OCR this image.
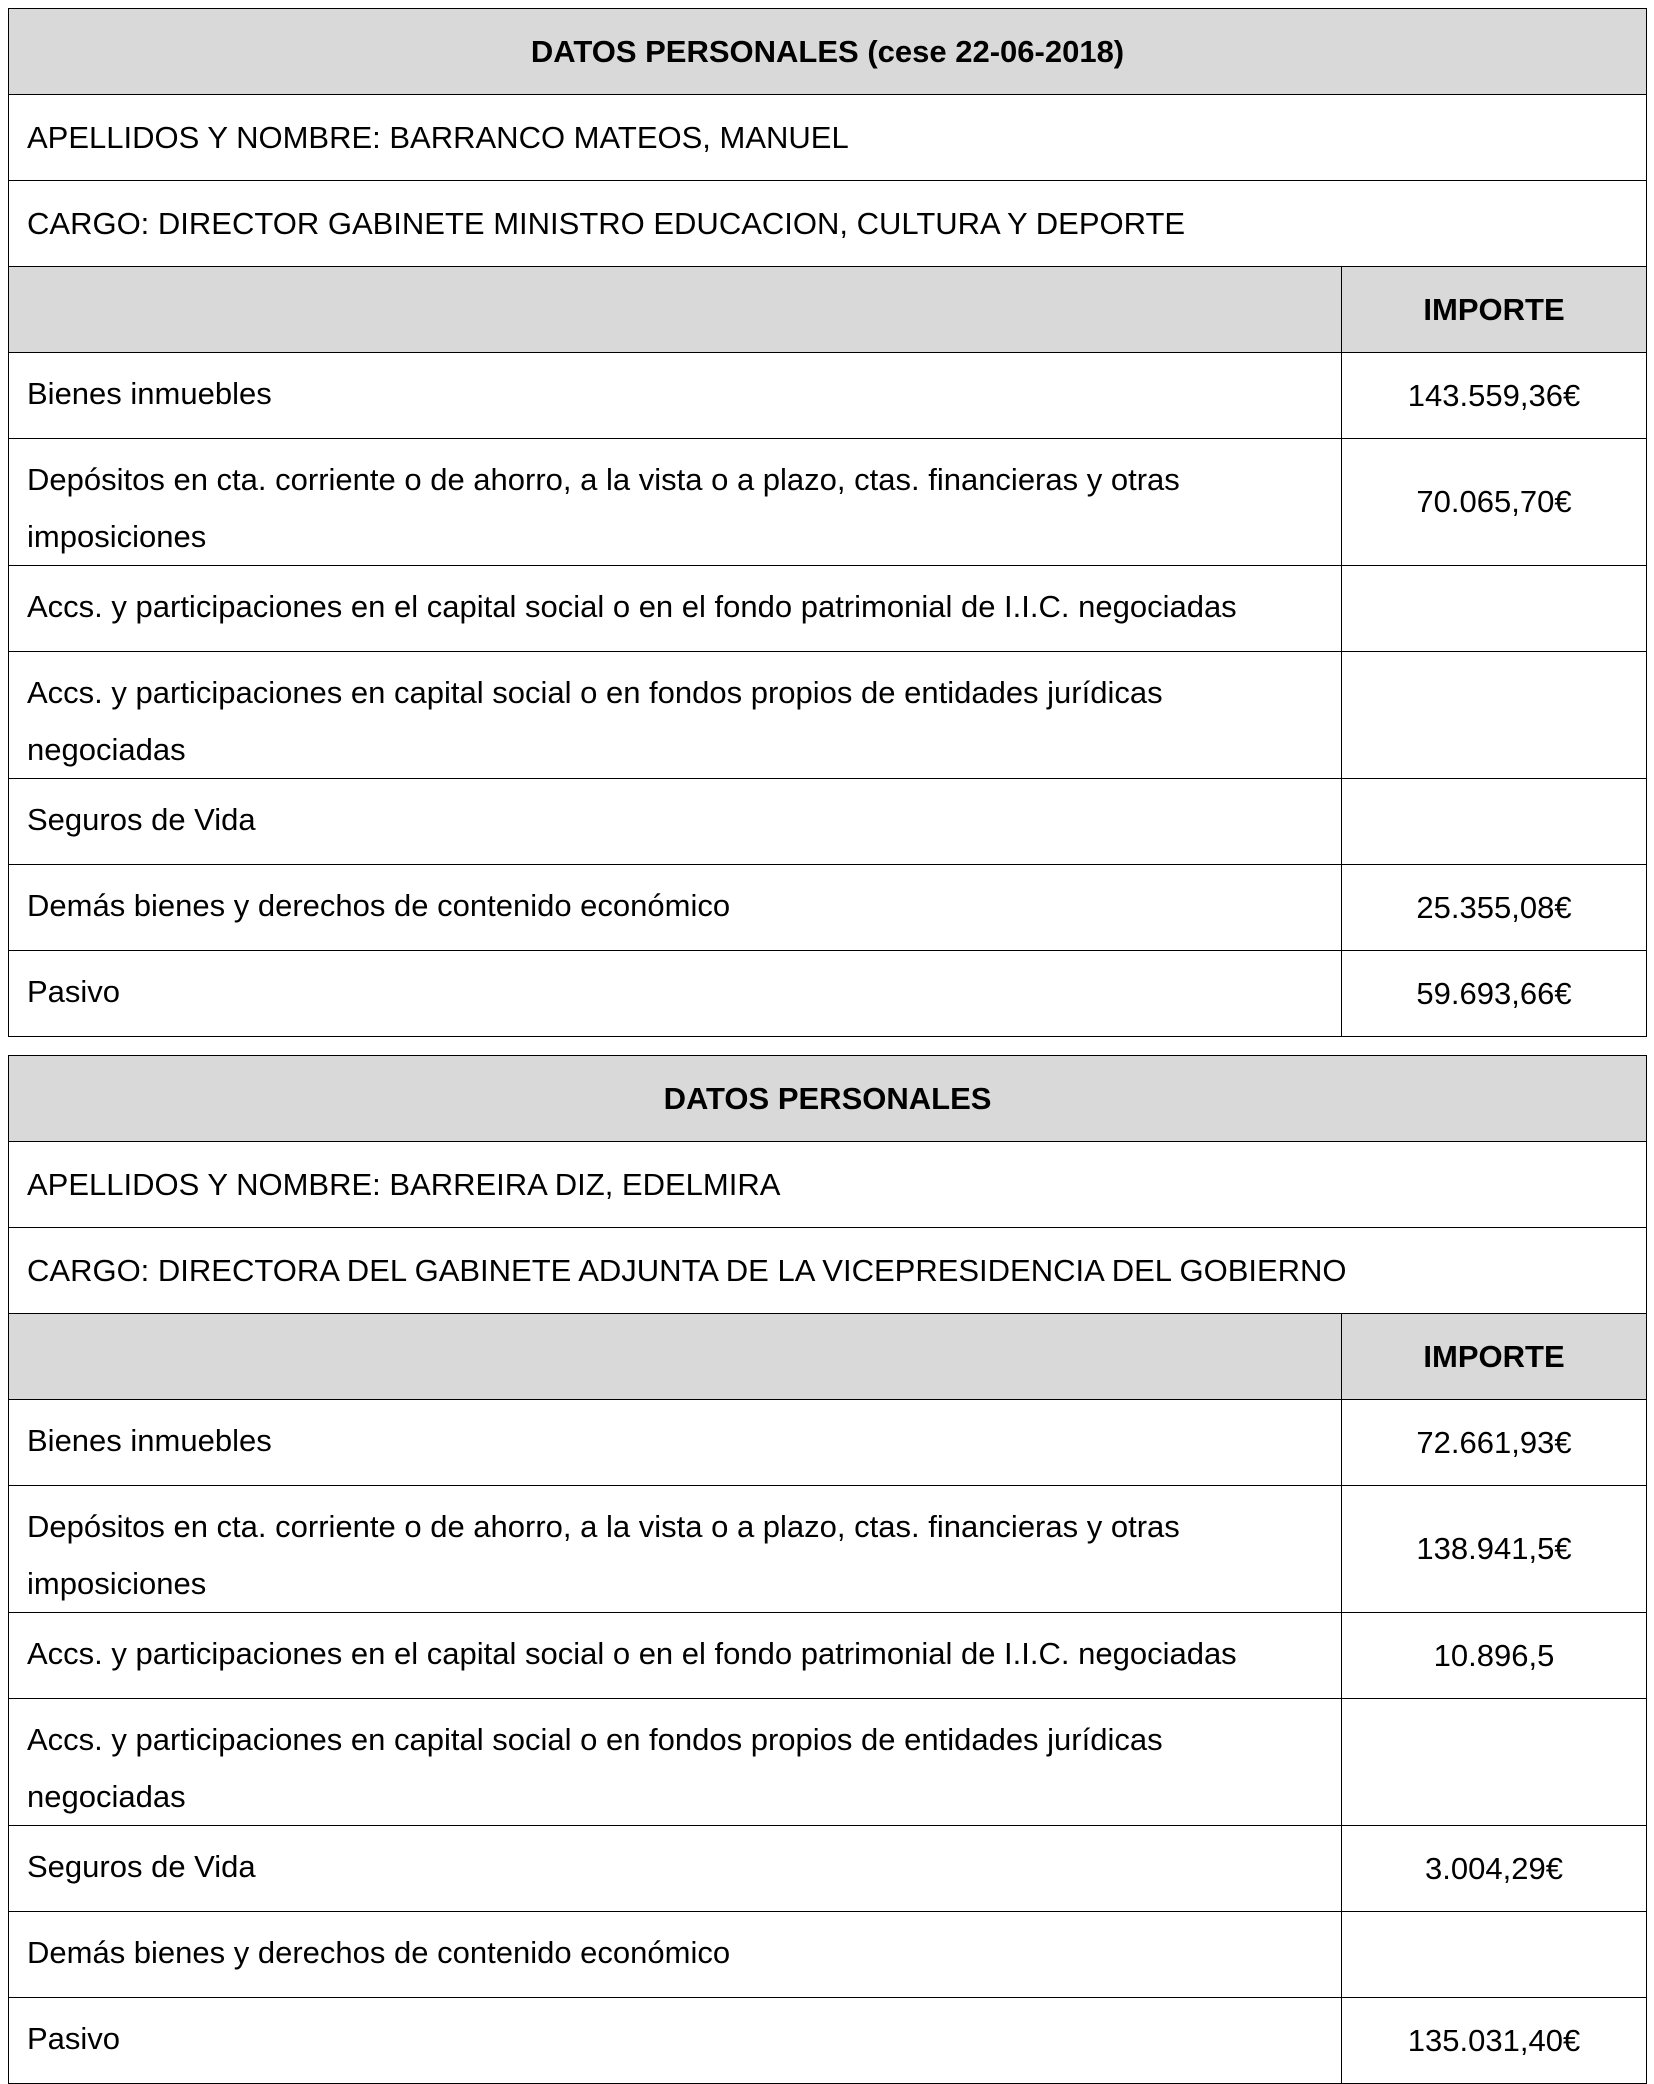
DATOS PERSONALES (cese 22-06-2018)	
APELLIDOS Y NOMBRE: BARRANCO MATEOS, MANUEL	
CARGO: DIRECTOR GABINETE MINISTRO EDUCACION, CULTURA Y DEPORTE	
	IMPORTE
Bienes inmuebles	143.559,36€
Depósitos en cta. corriente o de ahorro, a la vista o a plazo, ctas. financieras y otras imposiciones	70.065,70€
Accs. y participaciones en el capital social o en el fondo patrimonial de I.I.C. negociadas	
Accs. y participaciones en capital social o en fondos propios de entidades jurídicas negociadas	
Seguros de Vida	
Demás bienes y derechos de contenido económico	25.355,08€
Pasivo	59.693,66€
DATOS PERSONALES	
APELLIDOS Y NOMBRE: BARREIRA DIZ, EDELMIRA	
CARGO: DIRECTORA DEL GABINETE ADJUNTA DE LA VICEPRESIDENCIA DEL GOBIERNO	
	IMPORTE
Bienes inmuebles	72.661,93€
Depósitos en cta. corriente o de ahorro, a la vista o a plazo, ctas. financieras y otras imposiciones	138.941,5€
Accs. y participaciones en el capital social o en el fondo patrimonial de I.I.C. negociadas	10.896,5
Accs. y participaciones en capital social o en fondos propios de entidades jurídicas negociadas	
Seguros de Vida	3.004,29€
Demás bienes y derechos de contenido económico	
Pasivo	135.031,40€
